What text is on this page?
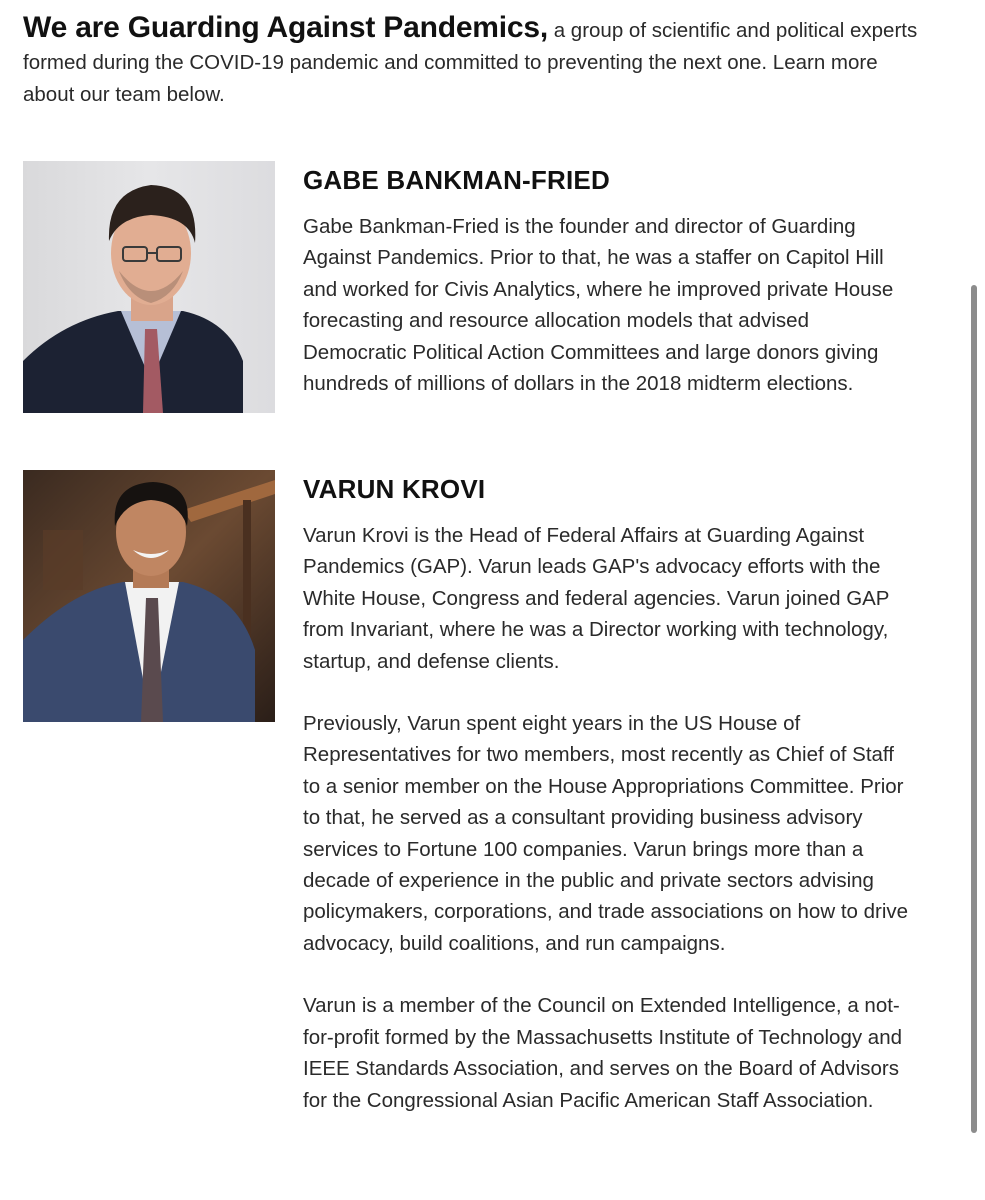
We are Guarding Against Pandemics, a group of scientific and political experts formed during the COVID-19 pandemic and committed to preventing the next one. Learn more about our team below.
GABE BANKMAN-FRIED

Gabe Bankman-Fried is the founder and director of Guarding Against Pandemics. Prior to that, he was a staffer on Capitol Hill and worked for Civis Analytics, where he improved private House forecasting and resource allocation models that advised Democratic Political Action Committees and large donors giving hundreds of millions of dollars in the 2018 midterm elections.

VARUN KROVI

Varun Krovi is the Head of Federal Affairs at Guarding Against Pandemics (GAP). Varun leads GAP's advocacy efforts with the White House, Congress and federal agencies. Varun joined GAP from Invariant, where he was a Director working with technology, startup, and defense clients.

Previously, Varun spent eight years in the US House of Representatives for two members, most recently as Chief of Staff to a senior member on the House Appropriations Committee. Prior to that, he served as a consultant providing business advisory services to Fortune 100 companies. Varun brings more than a decade of experience in the public and private sectors advising policymakers, corporations, and trade associations on how to drive advocacy, build coalitions, and run campaigns.

Varun is a member of the Council on Extended Intelligence, a not-for-profit formed by the Massachusetts Institute of Technology and IEEE Standards Association, and serves on the Board of Advisors for the Congressional Asian Pacific American Staff Association.
